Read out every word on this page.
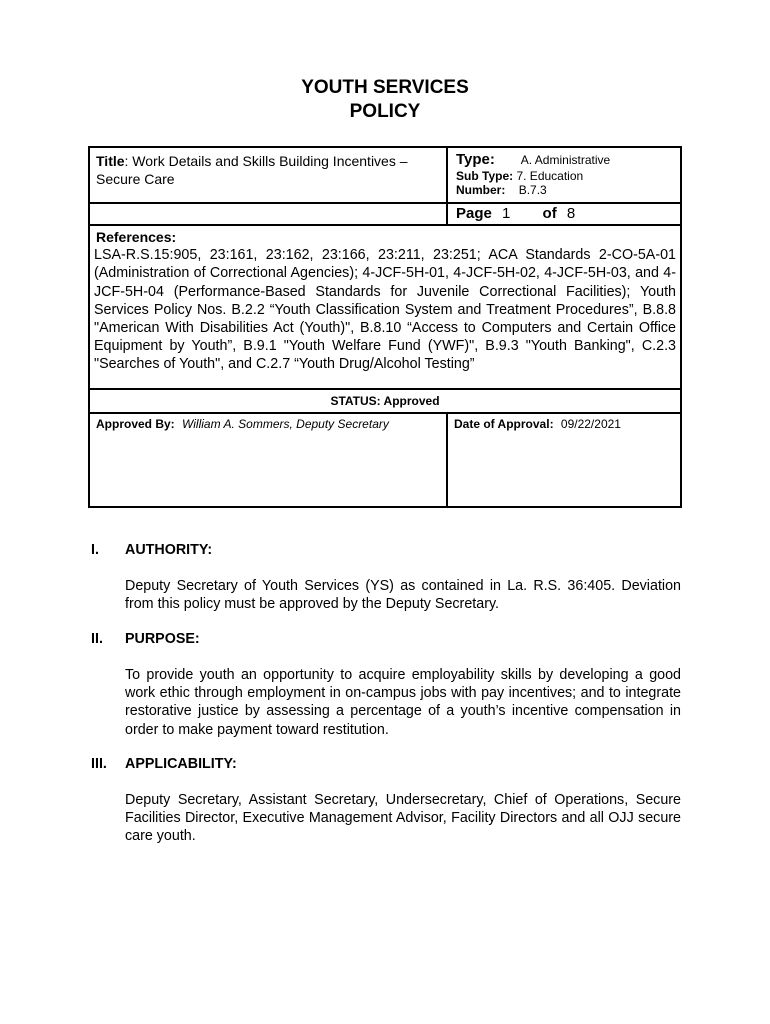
YOUTH SERVICES
POLICY
Title: Work Details and Skills Building Incentives – Secure Care
Type: A. Administrative
Sub Type: 7. Education
Number: B.7.3
Page 1 of 8
References:
LSA-R.S.15:905, 23:161, 23:162, 23:166, 23:211, 23:251; ACA Standards 2-CO-5A-01 (Administration of Correctional Agencies); 4-JCF-5H-01, 4-JCF-5H-02, 4-JCF-5H-03, and 4-JCF-5H-04 (Performance-Based Standards for Juvenile Correctional Facilities); Youth Services Policy Nos. B.2.2 “Youth Classification System and Treatment Procedures”, B.8.8 "American With Disabilities Act (Youth)", B.8.10 “Access to Computers and Certain Office Equipment by Youth”, B.9.1 "Youth Welfare Fund (YWF)", B.9.3 "Youth Banking", C.2.3 "Searches of Youth", and C.2.7 “Youth Drug/Alcohol Testing”
STATUS: Approved
Approved By: William A. Sommers, Deputy Secretary	Date of Approval: 09/22/2021
I. AUTHORITY:
Deputy Secretary of Youth Services (YS) as contained in La. R.S. 36:405. Deviation from this policy must be approved by the Deputy Secretary.
II. PURPOSE:
To provide youth an opportunity to acquire employability skills by developing a good work ethic through employment in on-campus jobs with pay incentives; and to integrate restorative justice by assessing a percentage of a youth’s incentive compensation in order to make payment toward restitution.
III. APPLICABILITY:
Deputy Secretary, Assistant Secretary, Undersecretary, Chief of Operations, Secure Facilities Director, Executive Management Advisor, Facility Directors and all OJJ secure care youth.
